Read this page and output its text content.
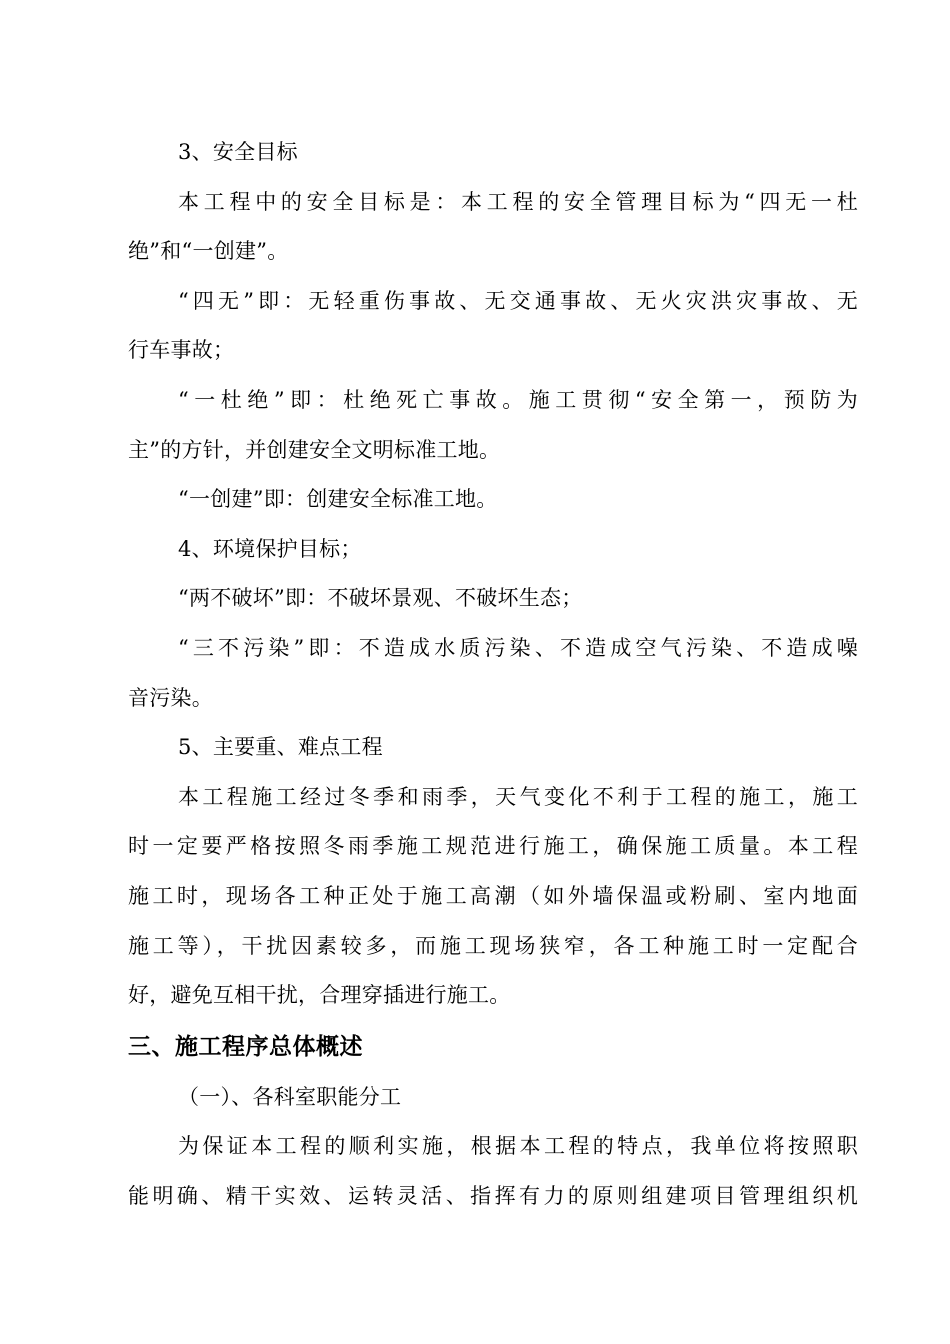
3、安全目标
本工程中的安全目标是：本工程的安全管理目标为“四无一杜
绝”和“一创建”。
“四无”即：无轻重伤事故、无交通事故、无火灾洪灾事故、无
行车事故；
“一杜绝”即：杜绝死亡事故。施工贯彻“安全第一，预防为
主”的方针，并创建安全文明标准工地。
“一创建”即：创建安全标准工地。
4、环境保护目标；
“两不破坏”即：不破坏景观、不破坏生态；
“三不污染”即：不造成水质污染、不造成空气污染、不造成噪
音污染。
5、主要重、难点工程
本工程施工经过冬季和雨季，天气变化不利于工程的施工，施工
时一定要严格按照冬雨季施工规范进行施工，确保施工质量。本工程
施工时，现场各工种正处于施工高潮（如外墙保温或粉刷、室内地面
施工等），干扰因素较多，而施工现场狭窄，各工种施工时一定配合
好，避免互相干扰，合理穿插进行施工。
三、施工程序总体概述
（一）、各科室职能分工
为保证本工程的顺利实施，根据本工程的特点，我单位将按照职
能明确、精干实效、运转灵活、指挥有力的原则组建项目管理组织机
